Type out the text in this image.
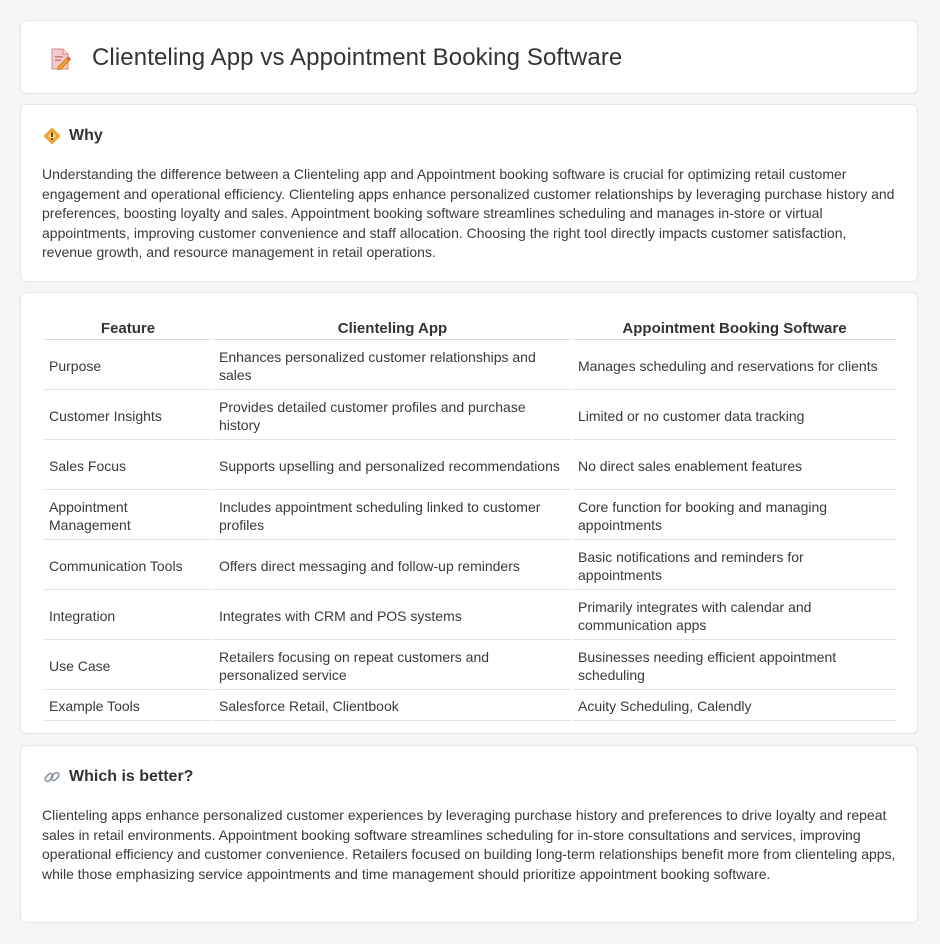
Clienteling App vs Appointment Booking Software
Why

Understanding the difference between a Clienteling app and Appointment booking software is crucial for optimizing retail customer engagement and operational efficiency. Clienteling apps enhance personalized customer relationships by leveraging purchase history and preferences, boosting loyalty and sales. Appointment booking software streamlines scheduling and manages in-store or virtual appointments, improving customer convenience and staff allocation. Choosing the right tool directly impacts customer satisfaction, revenue growth, and resource management in retail operations.

Feature	Clienteling App	Appointment Booking Software
Purpose	Enhances personalized customer relationships and sales	Manages scheduling and reservations for clients
Customer Insights	Provides detailed customer profiles and purchase history	Limited or no customer data tracking
Sales Focus	Supports upselling and personalized recommendations	No direct sales enablement features
Appointment Management	Includes appointment scheduling linked to customer profiles	Core function for booking and managing appointments
Communication Tools	Offers direct messaging and follow-up reminders	Basic notifications and reminders for appointments
Integration	Integrates with CRM and POS systems	Primarily integrates with calendar and communication apps
Use Case	Retailers focusing on repeat customers and personalized service	Businesses needing efficient appointment scheduling
Example Tools	Salesforce Retail, Clientbook	Acuity Scheduling, Calendly
Which is better?

Clienteling apps enhance personalized customer experiences by leveraging purchase history and preferences to drive loyalty and repeat sales in retail environments. Appointment booking software streamlines scheduling for in-store consultations and services, improving operational efficiency and customer convenience. Retailers focused on building long-term relationships benefit more from clienteling apps, while those emphasizing service appointments and time management should prioritize appointment booking software.
